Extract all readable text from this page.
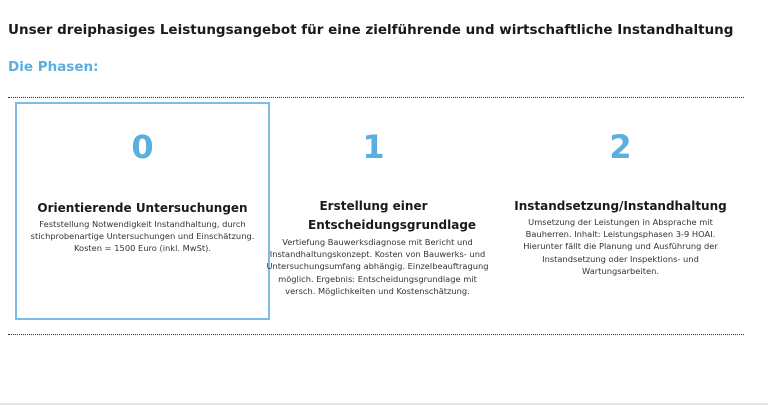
Unser dreiphasiges Leistungsangebot für eine zielführende und wirtschaftliche Instandhaltung
Die Phasen:
0
Orientierende Untersuchungen
Feststellung Notwendigkeit Instandhaltung, durch stichprobenartige Untersuchungen und Einschätzung. Kosten = 1500 Euro (inkl. MwSt).
1
Erstellung einer Entscheidungsgrundlage
Vertiefung Bauwerksdiagnose mit Bericht und Instandhaltungskonzept. Kosten von Bauwerks- und Untersuchungsumfang abhängig. Einzelbeauftragung möglich. Ergebnis: Entscheidungsgrundlage mit versch. Möglichkeiten und Kostenschätzung.
2
Instandsetzung/Instandhaltung
Umsetzung der Leistungen in Absprache mit Bauherren. Inhalt: Leistungsphasen 3-9 HOAI. Hierunter fällt die Planung und Ausführung der Instandsetzung oder Inspektions- und Wartungsarbeiten.
